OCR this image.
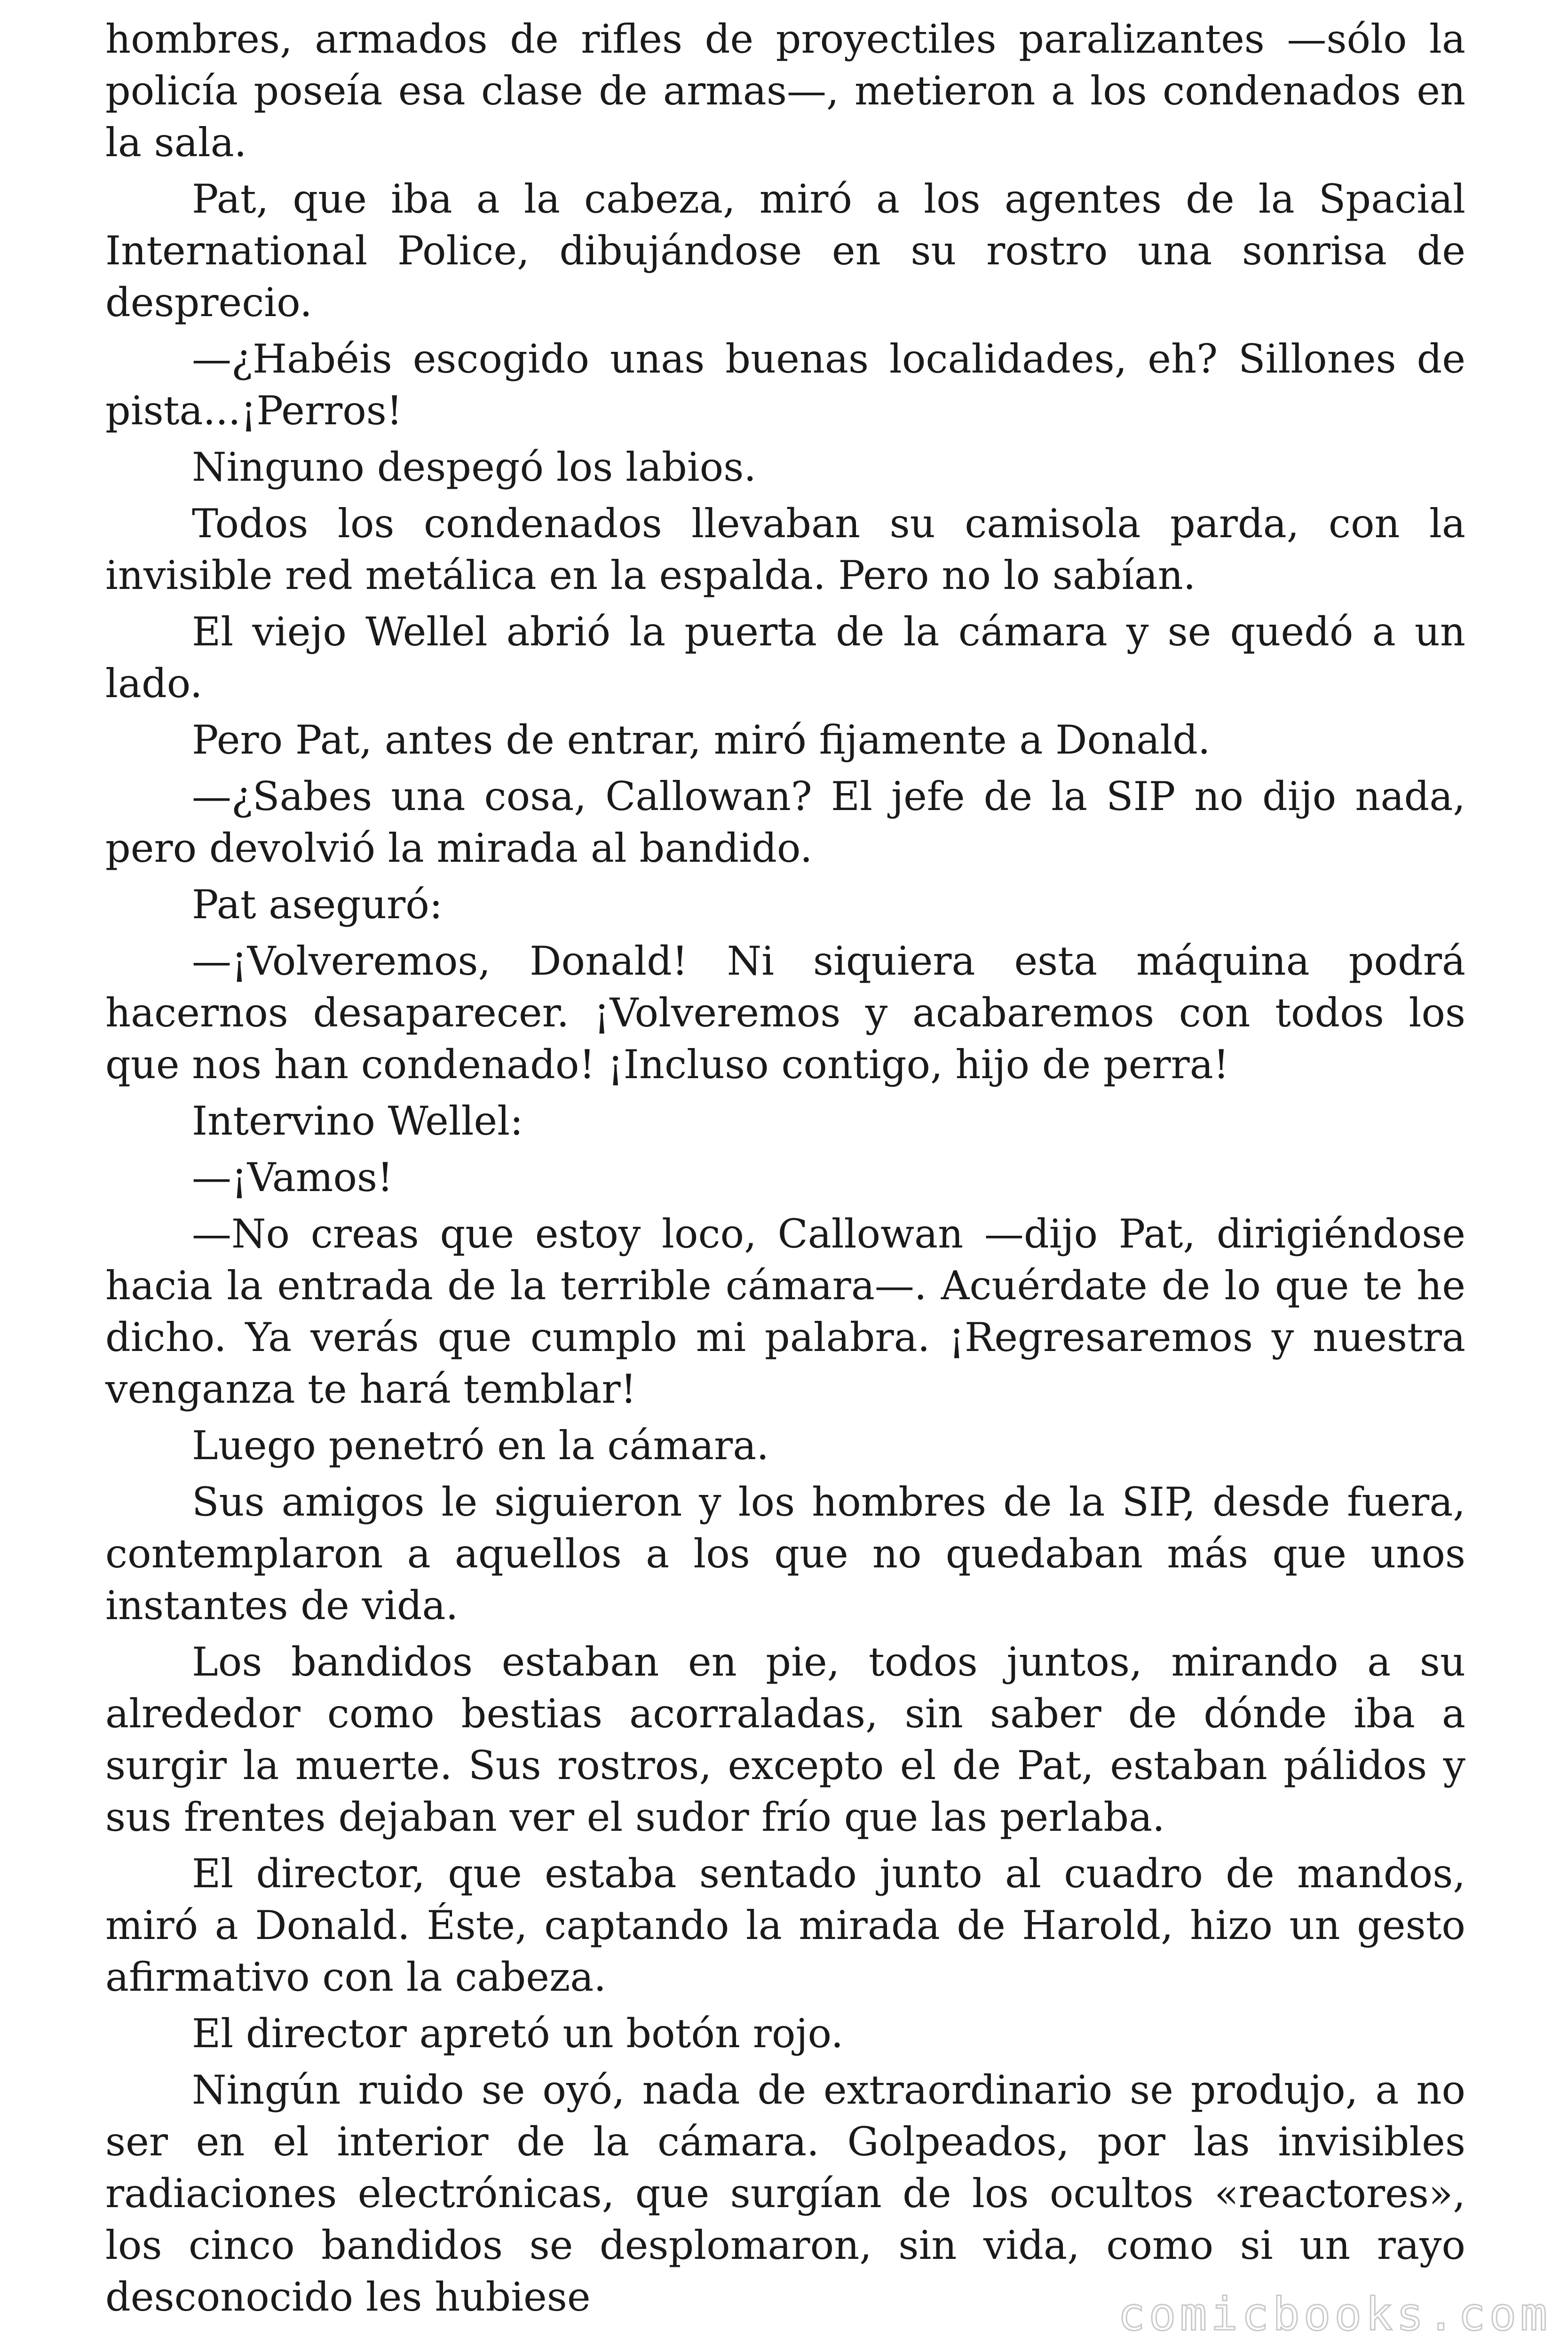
hombres, armados de rifles de proyectiles paralizantes —sólo la policía poseía esa clase de armas—, metieron a los condenados en la sala.

Pat, que iba a la cabeza, miró a los agentes de la Spacial International Police, dibujándose en su rostro una sonrisa de desprecio.

—¿Habéis escogido unas buenas localidades, eh? Sillones de pista...¡Perros!

Ninguno despegó los labios.

Todos los condenados llevaban su camisola parda, con la invisible red metálica en la espalda. Pero no lo sabían.

El viejo Wellel abrió la puerta de la cámara y se quedó a un lado.

Pero Pat, antes de entrar, miró fijamente a Donald.

—¿Sabes una cosa, Callowan? El jefe de la SIP no dijo nada, pero devolvió la mirada al bandido.

Pat aseguró:

—¡Volveremos, Donald! Ni siquiera esta máquina podrá hacernos desaparecer. ¡Volveremos y acabaremos con todos los que nos han condenado! ¡Incluso contigo, hijo de perra!

Intervino Wellel:

—¡Vamos!

—No creas que estoy loco, Callowan —dijo Pat, dirigiéndose hacia la entrada de la terrible cámara—. Acuérdate de lo que te he dicho. Ya verás que cumplo mi palabra. ¡Regresaremos y nuestra venganza te hará temblar!

Luego penetró en la cámara.

Sus amigos le siguieron y los hombres de la SIP, desde fuera, contemplaron a aquellos a los que no quedaban más que unos instantes de vida.

Los bandidos estaban en pie, todos juntos, mirando a su alrededor como bestias acorraladas, sin saber de dónde iba a surgir la muerte. Sus rostros, excepto el de Pat, estaban pálidos y sus frentes dejaban ver el sudor frío que las perlaba.

El director, que estaba sentado junto al cuadro de mandos, miró a Donald. Éste, captando la mirada de Harold, hizo un gesto afirmativo con la cabeza.

El director apretó un botón rojo.

Ningún ruido se oyó, nada de extraordinario se produjo, a no ser en el interior de la cámara. Golpeados, por las invisibles radiaciones electrónicas, que surgían de los ocultos «reactores», los cinco bandidos se desplomaron, sin vida, como si un rayo desconocido les hubiese	comicbooks.com
